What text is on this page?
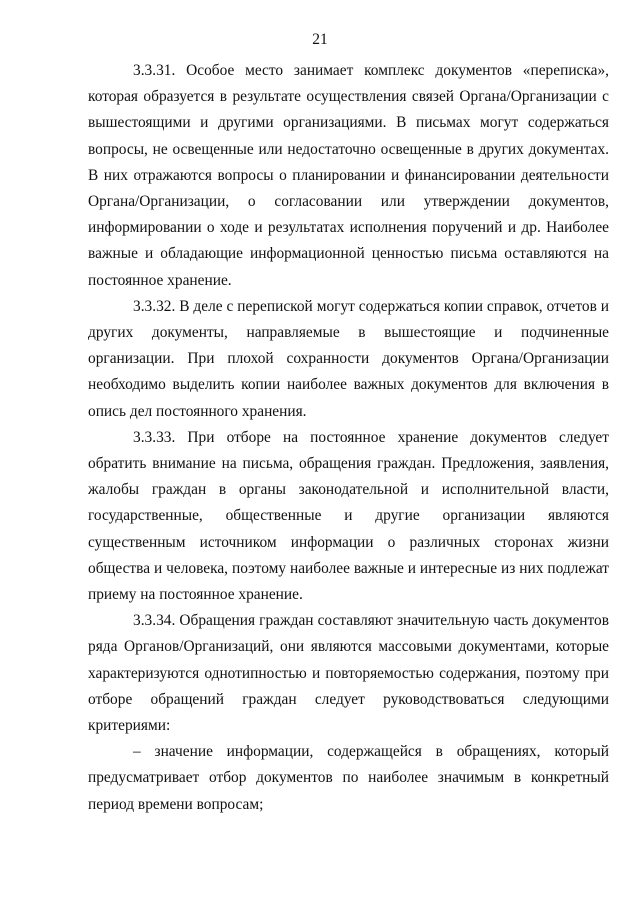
21

3.3.31. Особое место занимает комплекс документов «переписка», которая образуется в результате осуществления связей Органа/Организации с вышестоящими и другими организациями. В письмах могут содержаться вопросы, не освещенные или недостаточно освещенные в других документах. В них отражаются вопросы о планировании и финансировании деятельности Органа/Организации, о согласовании или утверждении документов, информировании о ходе и результатах исполнения поручений и др. Наиболее важные и обладающие информационной ценностью письма оставляются на постоянное хранение.

3.3.32. В деле с перепиской могут содержаться копии справок, отчетов и других документы, направляемые в вышестоящие и подчиненные организации. При плохой сохранности документов Органа/Организации необходимо выделить копии наиболее важных документов для включения в опись дел постоянного хранения.

3.3.33. При отборе на постоянное хранение документов следует обратить внимание на письма, обращения граждан. Предложения, заявления, жалобы граждан в органы законодательной и исполнительной власти, государственные, общественные и другие организации являются существенным источником информации о различных сторонах жизни общества и человека, поэтому наиболее важные и интересные из них подлежат приему на постоянное хранение.

3.3.34. Обращения граждан составляют значительную часть документов ряда Органов/Организаций, они являются массовыми документами, которые характеризуются однотипностью и повторяемостью содержания, поэтому при отборе обращений граждан следует руководствоваться следующими критериями:

– значение информации, содержащейся в обращениях, который предусматривает отбор документов по наиболее значимым в конкретный период времени вопросам;
